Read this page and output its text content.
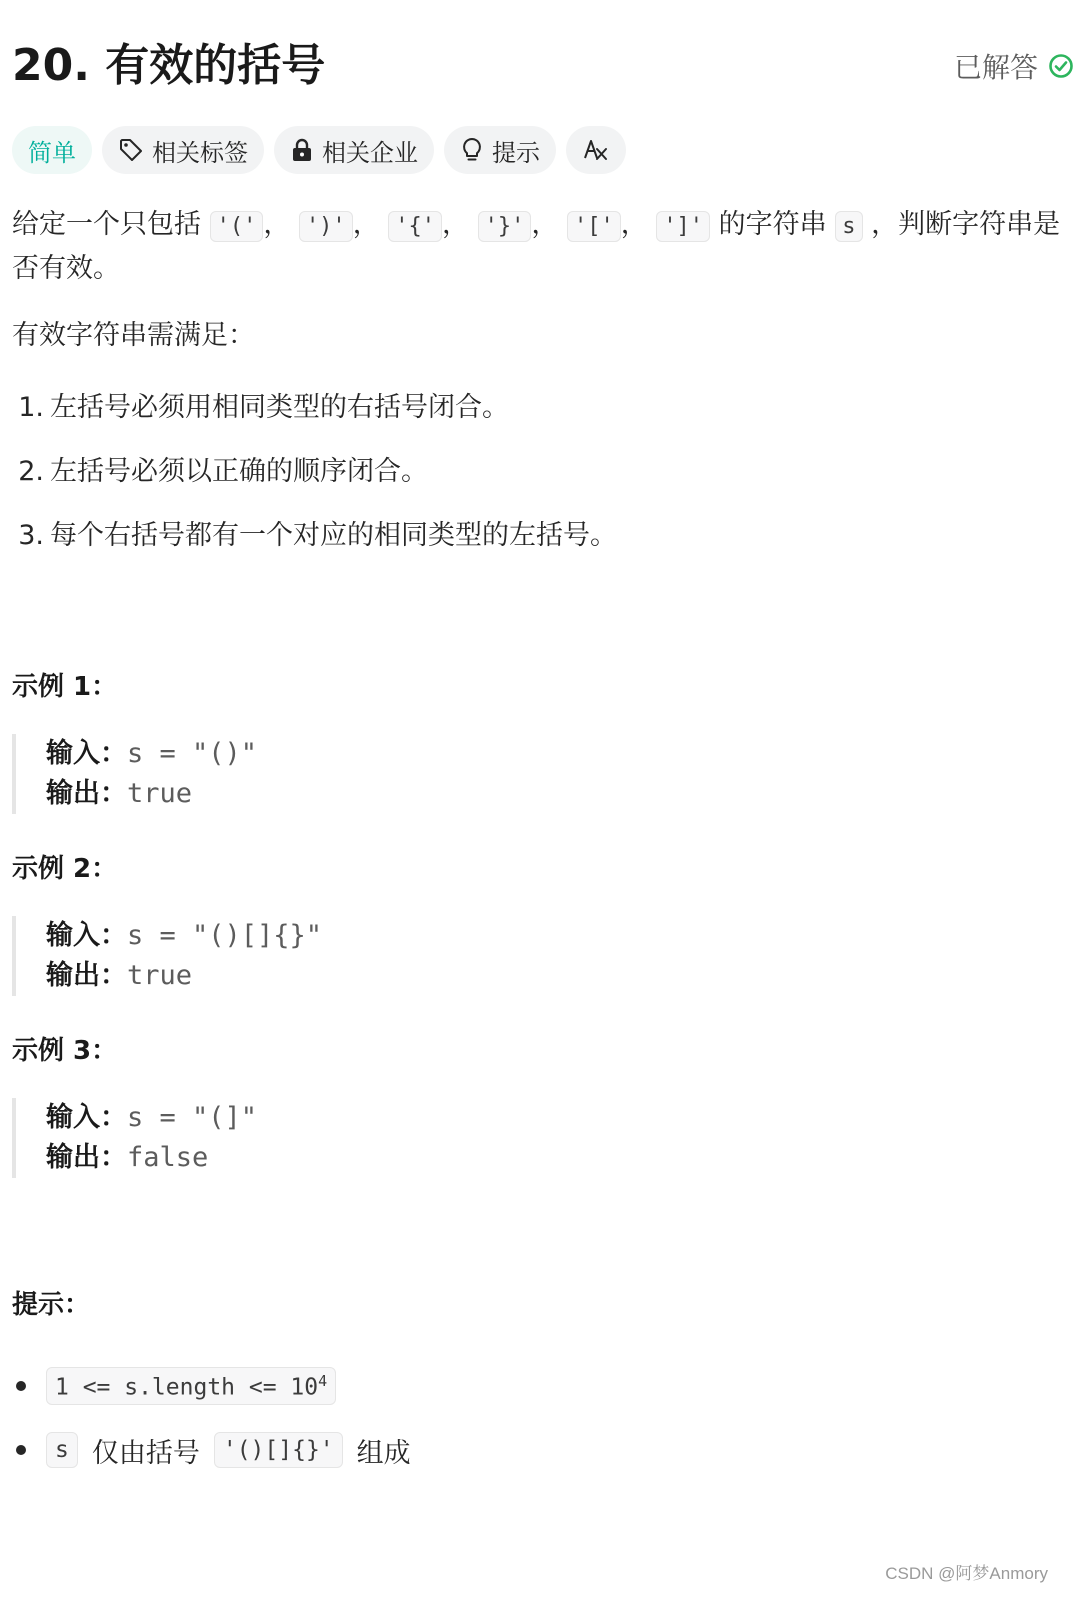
20. 有效的括号	已解答
简单	相关标签	相关企业	提示
给定一个只包括 '(' ， ')' ， '{' ， '}' ， '[' ， ']' 的字符串 s ，判断字符串是否有效。
有效字符串需满足：
1. 左括号必须用相同类型的右括号闭合。
2. 左括号必须以正确的顺序闭合。
3. 每个右括号都有一个对应的相同类型的左括号。
示例 1：
输入： s = "()"
输出： true
示例 2：
输入： s = "()[]{}"
输出： true
示例 3：
输入： s = "(]"
输出： false
提示：
1 <= s.length <= $10^4$
s 仅由括号	'()[]{}' 组成
CSDN @阿梦Anmory
